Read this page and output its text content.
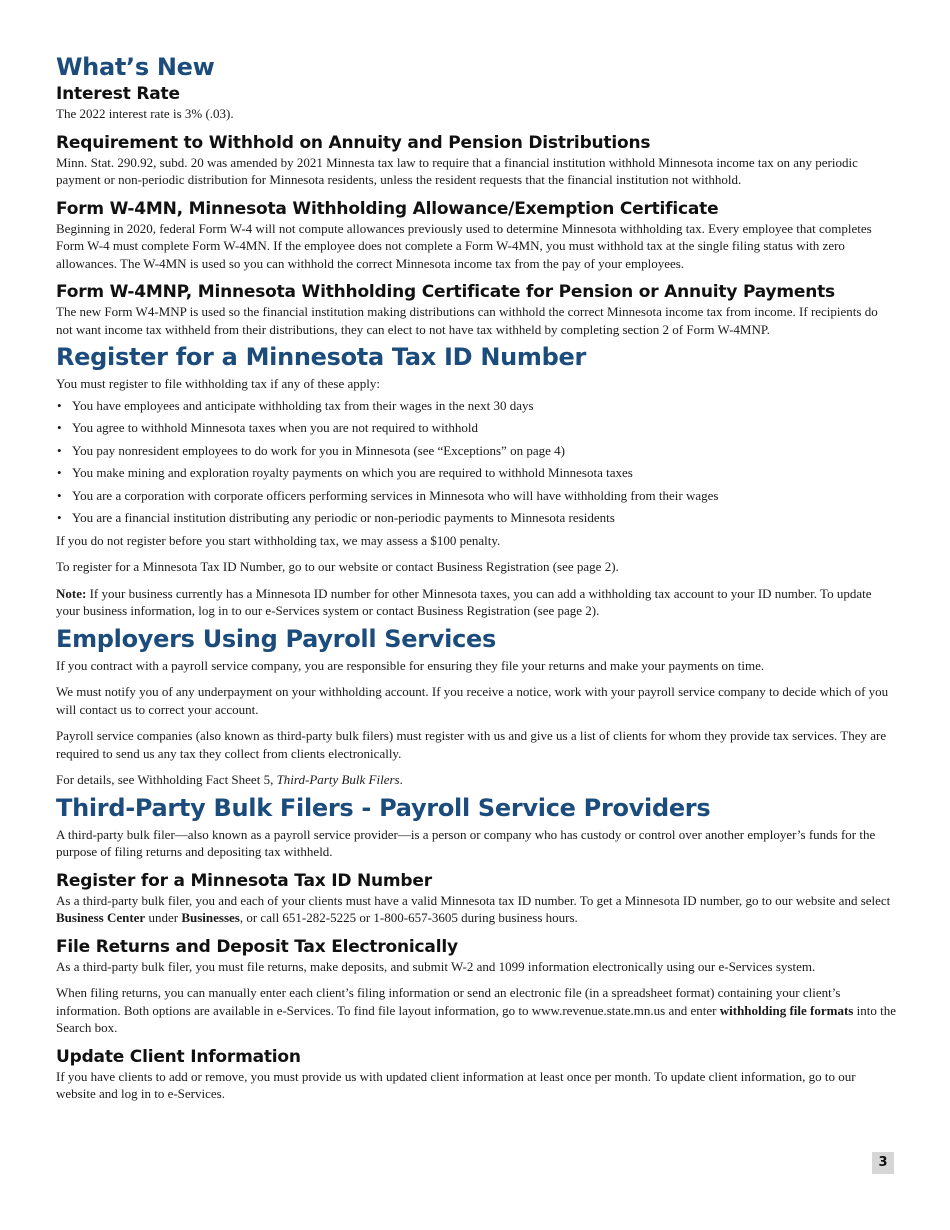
What’s New
Interest Rate

The 2022 interest rate is 3% (.03).

Requirement to Withhold on Annuity and Pension Distributions

Minn. Stat. 290.92, subd. 20 was amended by 2021 Minnesta tax law to require that a financial institution withhold Minnesota income tax on any periodic payment or non-periodic distribution for Minnesota residents, unless the resident requests that the financial institution not withhold.

Form W-4MN, Minnesota Withholding Allowance/Exemption Certificate

Beginning in 2020, federal Form W-4 will not compute allowances previously used to determine Minnesota withholding tax. Every employee that completes Form W-4 must complete Form W-4MN. If the employee does not complete a Form W-4MN, you must withhold tax at the single filing status with zero allowances. The W-4MN is used so you can withhold the correct Minnesota income tax from the pay of your employees.

Form W-4MNP, Minnesota Withholding Certificate for Pension or Annuity Payments

The new Form W4-MNP is used so the financial institution making distributions can withhold the correct Minnesota income tax from income. If recipients do not want income tax withheld from their distributions, they can elect to not have tax withheld by completing section 2 of Form W-4MNP.

Register for a Minnesota Tax ID Number

You must register to file withholding tax if any of these apply:

• You have employees and anticipate withholding tax from their wages in the next 30 days
• You agree to withhold Minnesota taxes when you are not required to withhold
• You pay nonresident employees to do work for you in Minnesota (see “Exceptions” on page 4)
• You make mining and exploration royalty payments on which you are required to withhold Minnesota taxes
• You are a corporation with corporate officers performing services in Minnesota who will have withholding from their wages
• You are a financial institution distributing any periodic or non-periodic payments to Minnesota residents

If you do not register before you start withholding tax, we may assess a $100 penalty.

To register for a Minnesota Tax ID Number, go to our website or contact Business Registration (see page 2).

Note: If your business currently has a Minnesota ID number for other Minnesota taxes, you can add a withholding tax account to your ID number. To update your business information, log in to our e-Services system or contact Business Registration (see page 2).

Employers Using Payroll Services

If you contract with a payroll service company, you are responsible for ensuring they file your returns and make your payments on time.

We must notify you of any underpayment on your withholding account. If you receive a notice, work with your payroll service company to decide which of you will contact us to correct your account.

Payroll service companies (also known as third-party bulk filers) must register with us and give us a list of clients for whom they provide tax services. They are required to send us any tax they collect from clients electronically.

For details, see Withholding Fact Sheet 5, Third-Party Bulk Filers.

Third-Party Bulk Filers - Payroll Service Providers

A third-party bulk filer—also known as a payroll service provider—is a person or company who has custody or control over another employer’s funds for the purpose of filing returns and depositing tax withheld.

Register for a Minnesota Tax ID Number

As a third-party bulk filer, you and each of your clients must have a valid Minnesota tax ID number. To get a Minnesota ID number, go to our website and select Business Center under Businesses, or call 651-282-5225 or 1-800-657-3605 during business hours.

File Returns and Deposit Tax Electronically

As a third-party bulk filer, you must file returns, make deposits, and submit W-2 and 1099 information electronically using our e-Services system.

When filing returns, you can manually enter each client’s filing information or send an electronic file (in a spreadsheet format) containing your client’s information. Both options are available in e-Services. To find file layout information, go to www.revenue.state.mn.us and enter withholding file formats into the Search box.

Update Client Information

If you have clients to add or remove, you must provide us with updated client information at least once per month. To update client information, go to our website and log in to e-Services.

3
